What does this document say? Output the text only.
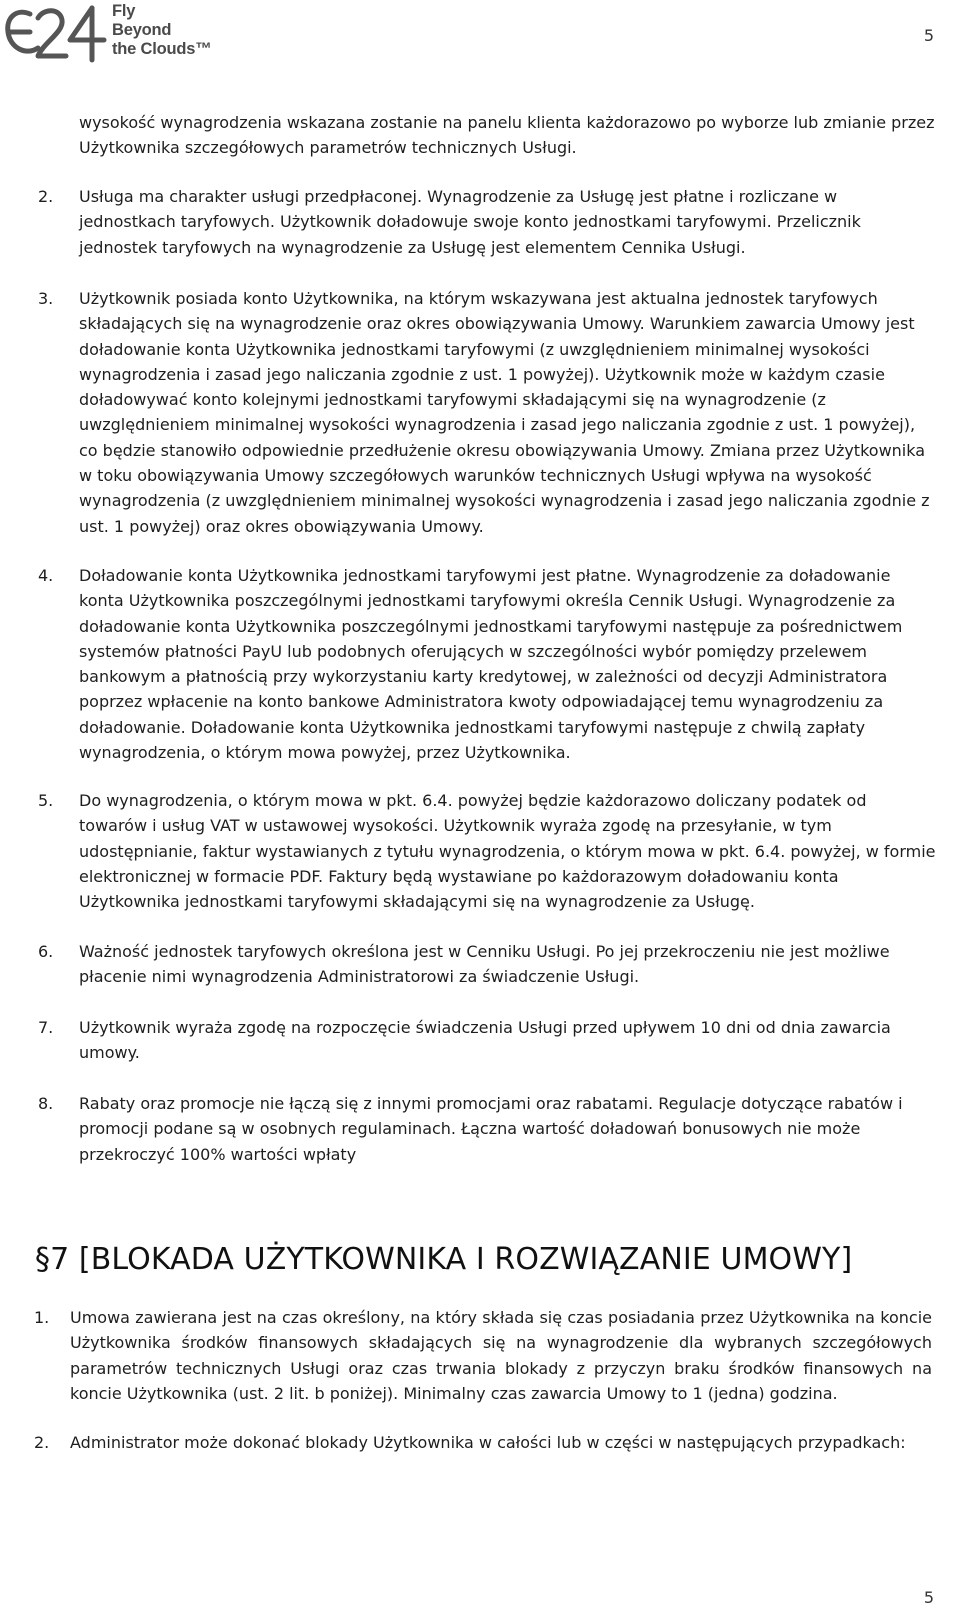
Fly
Beyond
the Clouds™
5
wysokość wynagrodzenia wskazana zostanie na panelu klienta każdorazowo po wyborze lub zmianie przez Użytkownika szczegółowych parametrów technicznych Usługi.
2. Usługa ma charakter usługi przedpłaconej. Wynagrodzenie za Usługę jest płatne i rozliczane w jednostkach taryfowych. Użytkownik doładowuje swoje konto jednostkami taryfowymi. Przelicznik jednostek taryfowych na wynagrodzenie za Usługę jest elementem Cennika Usługi.
3. Użytkownik posiada konto Użytkownika, na którym wskazywana jest aktualna jednostek taryfowych składających się na wynagrodzenie oraz okres obowiązywania Umowy. Warunkiem zawarcia Umowy jest doładowanie konta Użytkownika jednostkami taryfowymi (z uwzględnieniem minimalnej wysokości wynagrodzenia i zasad jego naliczania zgodnie z ust. 1 powyżej). Użytkownik może w każdym czasie doładowywać konto kolejnymi jednostkami taryfowymi składającymi się na wynagrodzenie (z uwzględnieniem minimalnej wysokości wynagrodzenia i zasad jego naliczania zgodnie z ust. 1 powyżej), co będzie stanowiło odpowiednie przedłużenie okresu obowiązywania Umowy. Zmiana przez Użytkownika w toku obowiązywania Umowy szczegółowych warunków technicznych Usługi wpływa na wysokość wynagrodzenia (z uwzględnieniem minimalnej wysokości wynagrodzenia i zasad jego naliczania zgodnie z ust. 1 powyżej) oraz okres obowiązywania Umowy.
4. Doładowanie konta Użytkownika jednostkami taryfowymi jest płatne. Wynagrodzenie za doładowanie konta Użytkownika poszczególnymi jednostkami taryfowymi określa Cennik Usługi. Wynagrodzenie za doładowanie konta Użytkownika poszczególnymi jednostkami taryfowymi następuje za pośrednictwem systemów płatności PayU lub podobnych oferujących w szczególności wybór pomiędzy przelewem bankowym a płatnością przy wykorzystaniu karty kredytowej, w zależności od decyzji Administratora poprzez wpłacenie na konto bankowe Administratora kwoty odpowiadającej temu wynagrodzeniu za doładowanie. Doładowanie konta Użytkownika jednostkami taryfowymi następuje z chwilą zapłaty wynagrodzenia, o którym mowa powyżej, przez Użytkownika.
5. Do wynagrodzenia, o którym mowa w pkt. 6.4. powyżej będzie każdorazowo doliczany podatek od towarów i usług VAT w ustawowej wysokości. Użytkownik wyraża zgodę na przesyłanie, w tym udostępnianie, faktur wystawianych z tytułu wynagrodzenia, o którym mowa w pkt. 6.4. powyżej, w formie elektronicznej w formacie PDF. Faktury będą wystawiane po każdorazowym doładowaniu konta Użytkownika jednostkami taryfowymi składającymi się na wynagrodzenie za Usługę.
6. Ważność jednostek taryfowych określona jest w Cenniku Usługi. Po jej przekroczeniu nie jest możliwe płacenie nimi wynagrodzenia Administratorowi za świadczenie Usługi.
7. Użytkownik wyraża zgodę na rozpoczęcie świadczenia Usługi przed upływem 10 dni od dnia zawarcia umowy.
8. Rabaty oraz promocje nie łączą się z innymi promocjami oraz rabatami. Regulacje dotyczące rabatów i promocji podane są w osobnych regulaminach. Łączna wartość doładowań bonusowych nie może przekroczyć 100% wartości wpłaty
§7 [BLOKADA UŻYTKOWNIKA I ROZWIĄZANIE UMOWY]
1. Umowa zawierana jest na czas określony, na który składa się czas posiadania przez Użytkownika na koncie Użytkownika środków finansowych składających się na wynagrodzenie dla wybranych szczegółowych parametrów technicznych Usługi oraz czas trwania blokady z przyczyn braku środków finansowych na koncie Użytkownika (ust. 2 lit. b poniżej). Minimalny czas zawarcia Umowy to 1 (jedna) godzina.
2. Administrator może dokonać blokady Użytkownika w całości lub w części w następujących przypadkach:
5
